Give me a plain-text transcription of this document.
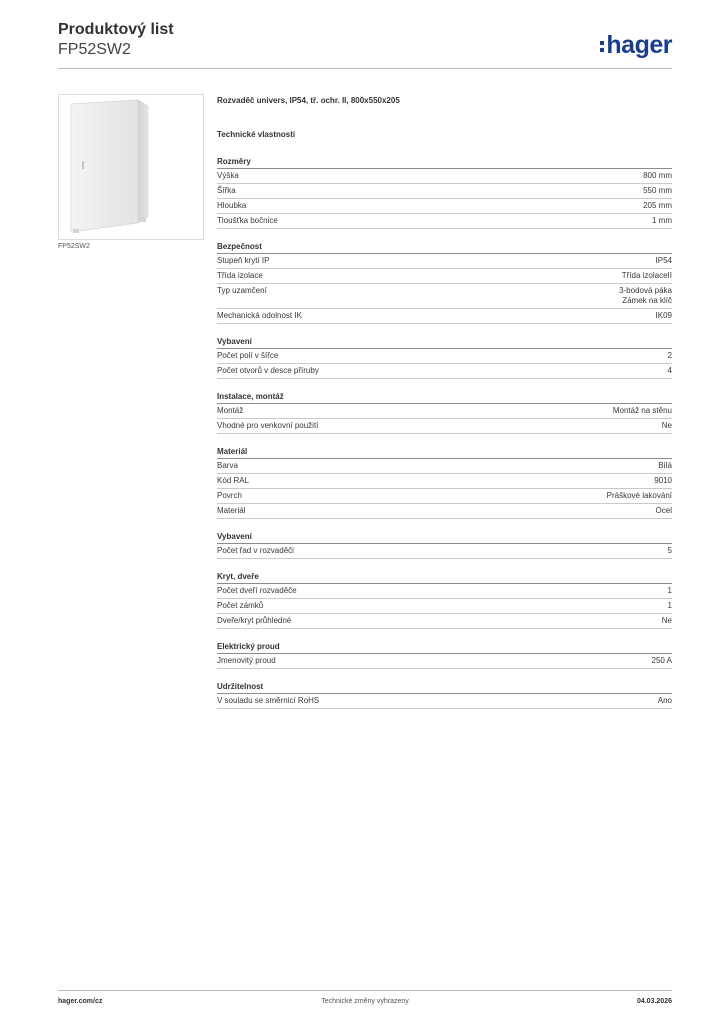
Produktový list
FP52SW2	hager
FP52SW2
Rozvaděč univers, IP54, tř. ochr. II, 800x550x205
Technické vlastnosti
Rozměry
Výška	800 mm
Šířka	550 mm
Hloubka	205 mm
Tloušťka bočnice	1 mm
Bezpečnost
Stupeň krytí IP	IP54
Třída izolace	Třída izolaceII
Typ uzamčení	3-bodová páka
Zámek na klíč
Mechanická odolnost IK	IK09
Vybavení
Počet polí v šířce	2
Počet otvorů v desce příruby	4
Instalace, montáž
Montáž	Montáž na stěnu
Vhodné pro venkovní použití	Ne
Materiál
Barva	Bílá
Kód RAL	9010
Povrch	Práškové lakování
Materiál	Ocel
Vybavení
Počet řad v rozvaděči	5
Kryt, dveře
Počet dveří rozvaděče	1
Počet zámků	1
Dveře/kryt průhledné	Ne
Elektrický proud
Jmenovitý proud	250 A
Udržitelnost
V souladu se směrnicí RoHS	Ano
hager.com/cz	Technické změny vyhrazeny	04.03.2026
